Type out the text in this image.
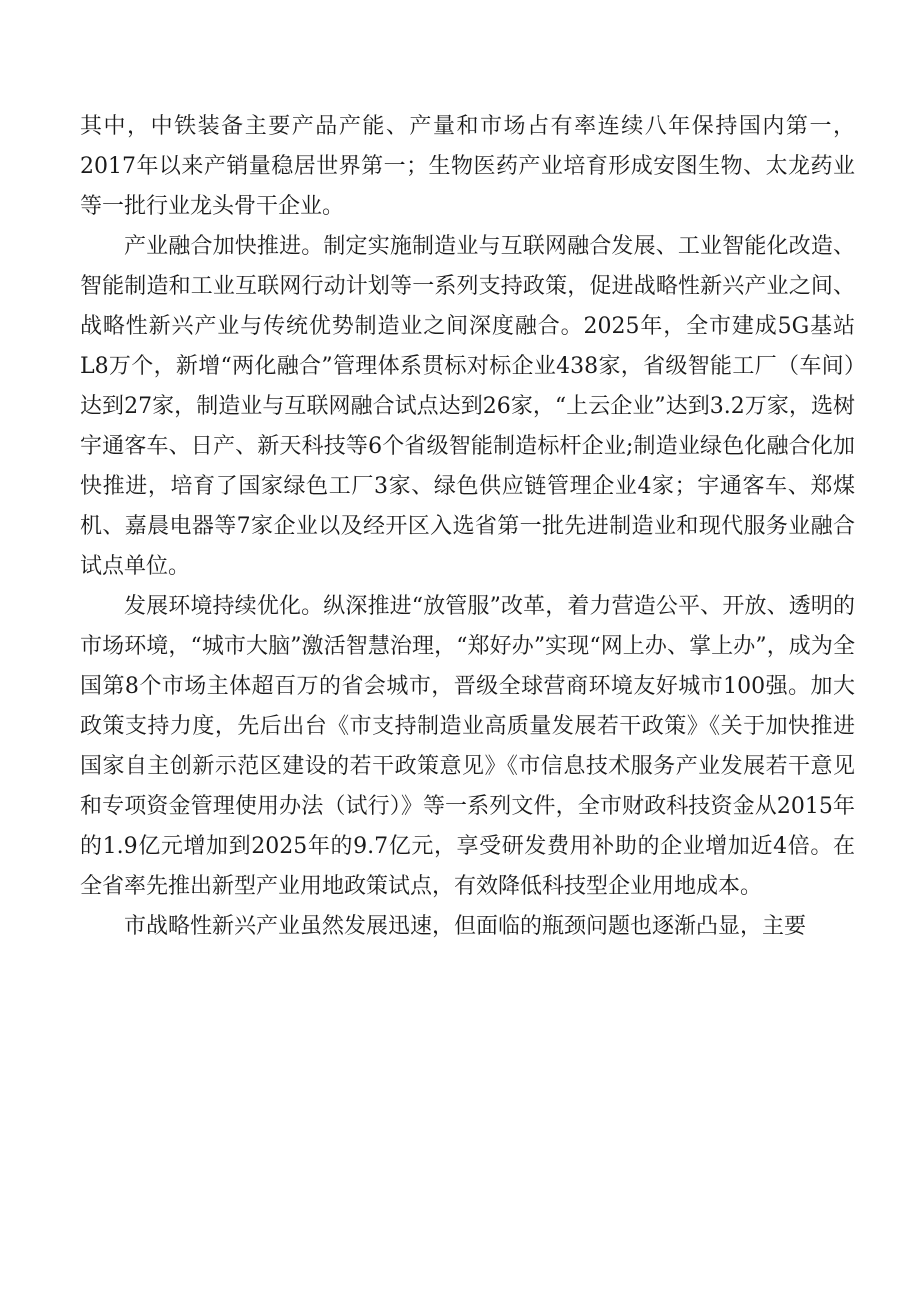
其中，中铁装备主要产品产能、产量和市场占有率连续八年保持国内第一，2017年以来产销量稳居世界第一；生物医药产业培育形成安图生物、太龙药业等一批行业龙头骨干企业。

产业融合加快推进。制定实施制造业与互联网融合发展、工业智能化改造、智能制造和工业互联网行动计划等一系列支持政策，促进战略性新兴产业之间、战略性新兴产业与传统优势制造业之间深度融合。2025年，全市建成5G基站L8万个，新增“两化融合”管理体系贯标对标企业438家，省级智能工厂（车间）达到27家，制造业与互联网融合试点达到26家，“上云企业”达到3.2万家，选树宇通客车、日产、新天科技等6个省级智能制造标杆企业;制造业绿色化融合化加快推进，培育了国家绿色工厂3家、绿色供应链管理企业4家；宇通客车、郑煤机、嘉晨电器等7家企业以及经开区入选省第一批先进制造业和现代服务业融合试点单位。

发展环境持续优化。纵深推进“放管服”改革，着力营造公平、开放、透明的市场环境，“城市大脑”激活智慧治理，“郑好办”实现“网上办、掌上办”，成为全国第8个市场主体超百万的省会城市，晋级全球营商环境友好城市100强。加大政策支持力度，先后出台《市支持制造业高质量发展若干政策》《关于加快推进国家自主创新示范区建设的若干政策意见》《市信息技术服务产业发展若干意见和专项资金管理使用办法（试行）》等一系列文件，全市财政科技资金从2015年的1.9亿元增加到2025年的9.7亿元，享受研发费用补助的企业增加近4倍。在全省率先推出新型产业用地政策试点，有效降低科技型企业用地成本。

市战略性新兴产业虽然发展迅速，但面临的瓶颈问题也逐渐凸显，主要
